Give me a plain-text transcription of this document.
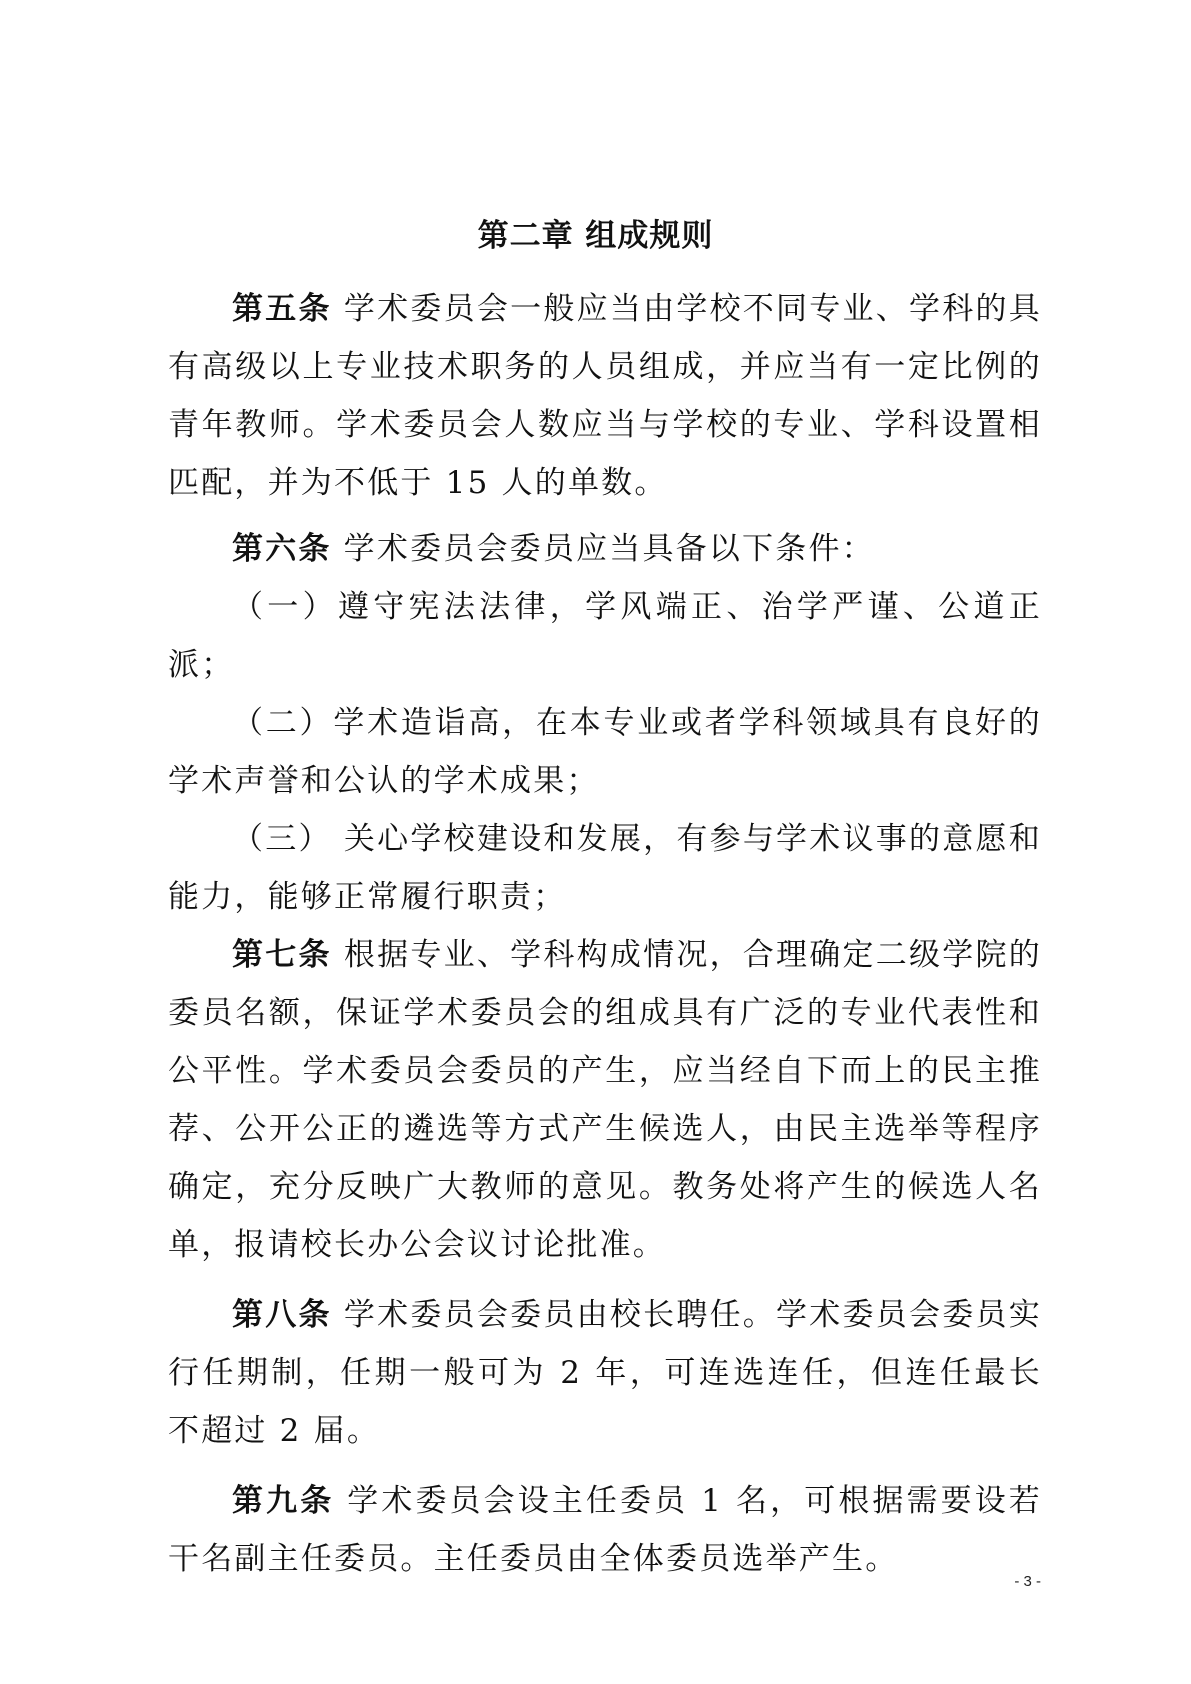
第二章 组成规则

第五条 学术委员会一般应当由学校不同专业、学科的具有高级以上专业技术职务的人员组成，并应当有一定比例的青年教师。学术委员会人数应当与学校的专业、学科设置相匹配，并为不低于 15 人的单数。

第六条 学术委员会委员应当具备以下条件：

（一）遵守宪法法律，学风端正、治学严谨、公道正派；

（二）学术造诣高，在本专业或者学科领域具有良好的学术声誉和公认的学术成果；

（三） 关心学校建设和发展，有参与学术议事的意愿和能力，能够正常履行职责；

第七条 根据专业、学科构成情况，合理确定二级学院的委员名额，保证学术委员会的组成具有广泛的专业代表性和公平性。学术委员会委员的产生，应当经自下而上的民主推荐、公开公正的遴选等方式产生候选人，由民主选举等程序确定，充分反映广大教师的意见。教务处将产生的候选人名单，报请校长办公会议讨论批准。

第八条 学术委员会委员由校长聘任。学术委员会委员实行任期制，任期一般可为 2 年，可连选连任，但连任最长不超过 2 届。

第九条 学术委员会设主任委员 1 名，可根据需要设若干名副主任委员。主任委员由全体委员选举产生。

- 3 -
